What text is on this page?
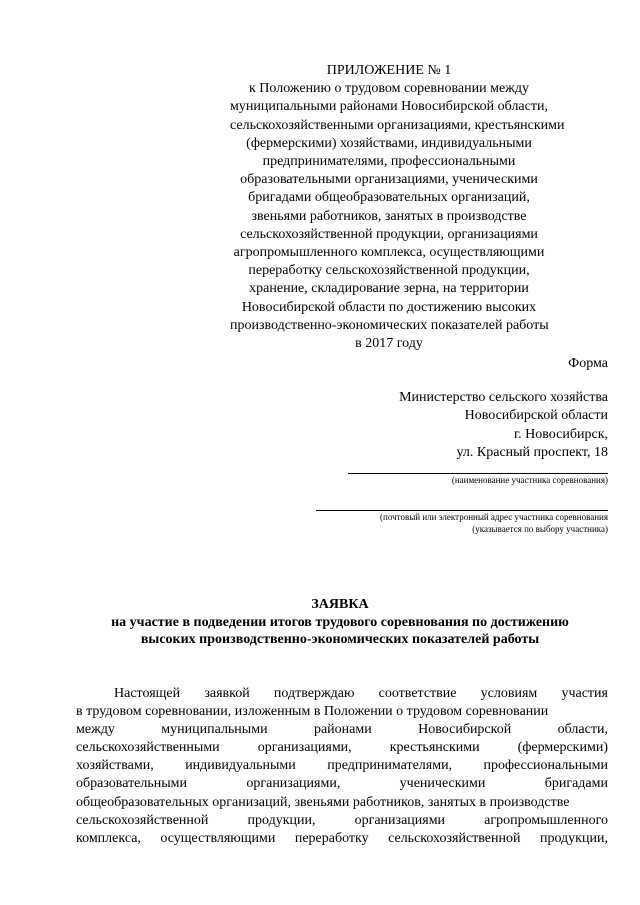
ПРИЛОЖЕНИЕ № 1
к Положению о трудовом соревновании между
муниципальными районами Новосибирской области,
сельскохозяйственными организациями, крестьянскими
(фермерскими) хозяйствами, индивидуальными
предпринимателями, профессиональными
образовательными организациями, ученическими
бригадами общеобразовательных организаций,
звеньями работников, занятых в производстве
сельскохозяйственной продукции, организациями
агропромышленного комплекса, осуществляющими
переработку сельскохозяйственной продукции,
хранение, складирование зерна, на территории
Новосибирской области по достижению высоких
производственно-экономических показателей работы
в 2017 году
Форма
Министерство сельского хозяйства
Новосибирской области
г. Новосибирск,
ул. Красный проспект, 18
(наименование участника соревнования)
(почтовый или электронный адрес участника соревнования
(указывается по выбору участника)
ЗАЯВКА
на участие в подведении итогов трудового соревнования по достижению
высоких производственно-экономических показателей работы
Настоящей заявкой подтверждаю соответствие условиям участия
в трудовом соревновании, изложенным в Положении о трудовом соревновании
между	муниципальными	районами	Новосибирской	области,
сельскохозяйственными	организациями,	крестьянскими	(фермерскими)
хозяйствами, индивидуальными предпринимателями, профессиональными
образовательными	организациями,	ученическими	бригадами
общеобразовательных организаций, звеньями работников, занятых в производстве
сельскохозяйственной	продукции,	организациями	агропромышленного
комплекса, осуществляющими переработку сельскохозяйственной продукции,
